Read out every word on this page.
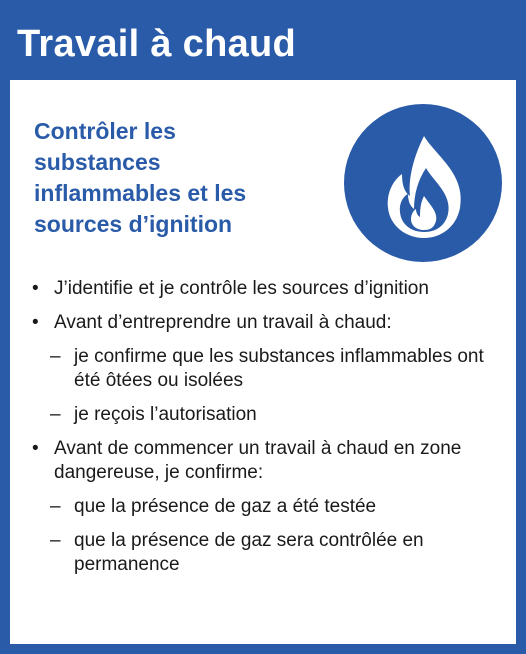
Travail à chaud
Contrôler les
substances
inflammables et les
sources d’ignition
• J’identifie et je contrôle les sources d’ignition
• Avant d’entreprendre un travail à chaud:
– je confirme que les substances inflammables ont été ôtées ou isolées
– je reçois l’autorisation
• Avant de commencer un travail à chaud en zone dangereuse, je confirme:
– que la présence de gaz a été testée
– que la présence de gaz sera contrôlée en permanence
